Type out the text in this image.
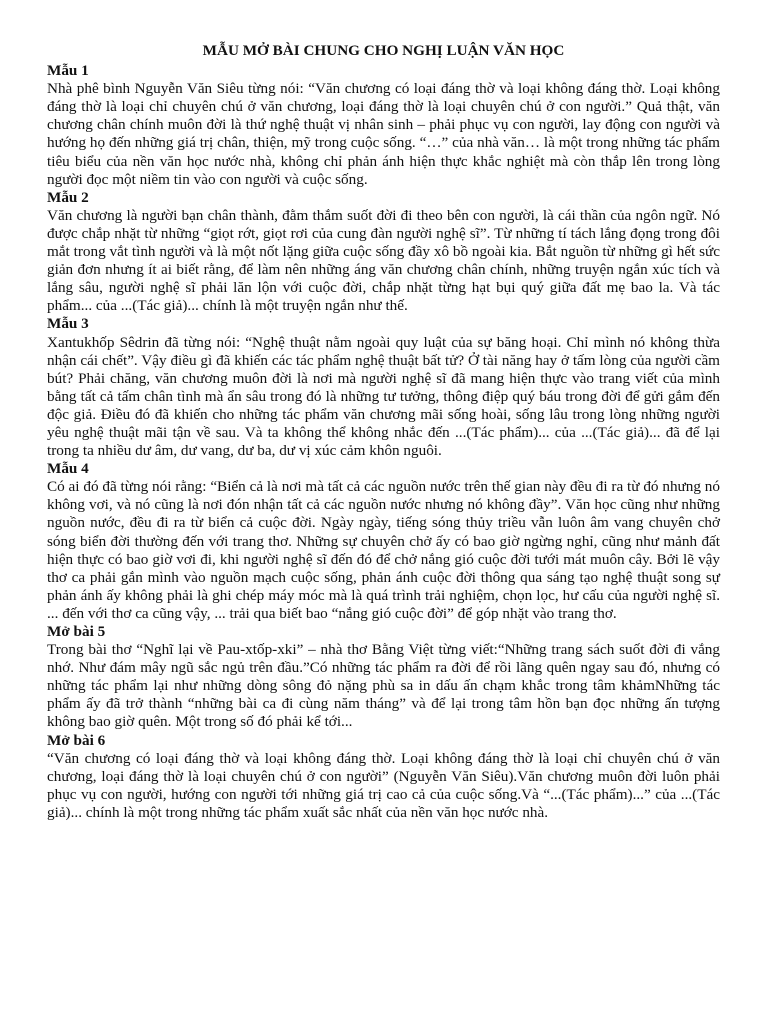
MẪU MỞ BÀI CHUNG CHO NGHỊ LUẬN VĂN HỌC
Mẫu 1

Nhà phê bình Nguyễn Văn Siêu từng nói: “Văn chương có loại đáng thờ và loại không đáng thờ. Loại không đáng thờ là loại chỉ chuyên chú ở văn chương, loại đáng thờ là loại chuyên chú ở con người.” Quả thật, văn chương chân chính muôn đời là thứ nghệ thuật vị nhân sinh – phải phục vụ con người, lay động con người và hướng họ đến những giá trị chân, thiện, mỹ trong cuộc sống. “…” của nhà văn… là một trong những tác phẩm tiêu biểu của nền văn học nước nhà, không chỉ phản ánh hiện thực khắc nghiệt mà còn thắp lên trong lòng người đọc một niềm tin vào con người và cuộc sống.

Mẫu 2

Văn chương là người bạn chân thành, đằm thắm suốt đời đi theo bên con người, là cái thần của ngôn ngữ. Nó được chắp nhặt từ những “giọt rớt, giọt rơi của cung đàn người nghệ sĩ”. Từ những tí tách lắng đọng trong đôi mắt trong vắt tình người và là một nốt lặng giữa cuộc sống đầy xô bồ ngoài kia. Bắt nguồn từ những gì hết sức giản đơn nhưng ít ai biết rằng, để làm nên những áng văn chương chân chính, những truyện ngắn xúc tích và lắng sâu, người nghệ sĩ phải lăn lộn với cuộc đời, chắp nhặt từng hạt bụi quý giữa đất mẹ bao la. Và tác phẩm... của ...(Tác giả)... chính là một truyện ngắn như thế.

Mẫu 3

Xantukhốp Sêdrin đã từng nói: “Nghệ thuật nằm ngoài quy luật của sự băng hoại. Chỉ mình nó không thừa nhận cái chết”. Vậy điều gì đã khiến các tác phẩm nghệ thuật bất tử? Ở tài năng hay ở tấm lòng của người cầm bút? Phải chăng, văn chương muôn đời là nơi mà người nghệ sĩ đã mang hiện thực vào trang viết của mình bằng tất cả tấm chân tình mà ẩn sâu trong đó là những tư tưởng, thông điệp quý báu trong đời để gửi gắm đến độc giả. Điều đó đã khiến cho những tác phẩm văn chương mãi sống hoài, sống lâu trong lòng những người yêu nghệ thuật mãi tận về sau. Và ta không thể không nhắc đến ...(Tác phẩm)... của ...(Tác giả)... đã để lại trong ta nhiều dư âm, dư vang, dư ba, dư vị xúc cảm khôn nguôi.

Mẫu 4

Có ai đó đã từng nói rằng: “Biển cả là nơi mà tất cả các nguồn nước trên thế gian này đều đi ra từ đó nhưng nó không vơi, và nó cũng là nơi đón nhận tất cả các nguồn nước nhưng nó không đầy”. Văn học cũng như những nguồn nước, đều đi ra từ biển cả cuộc đời. Ngày ngày, tiếng sóng thủy triều vẫn luôn âm vang chuyên chở sóng biển đời thường đến với trang thơ. Những sự chuyên chở ấy có bao giờ ngừng nghỉ, cũng như mảnh đất hiện thực có bao giờ vơi đi, khi người nghệ sĩ đến đó để chở nắng gió cuộc đời tưới mát muôn cây. Bởi lẽ vậy thơ ca phải gắn mình vào nguồn mạch cuộc sống, phản ánh cuộc đời thông qua sáng tạo nghệ thuật song sự phản ánh ấy không phải là ghi chép máy móc mà là quá trình trải nghiệm, chọn lọc, hư cấu của người nghệ sĩ. ... đến với thơ ca cũng vậy, ... trải qua biết bao “nắng gió cuộc đời” để góp nhặt vào trang thơ.

Mở bài 5

Trong bài thơ “Nghĩ lại về Pau-xtốp-xki” – nhà thơ Bằng Việt từng viết:“Những trang sách suốt đời đi vắng nhớ. Như đám mây ngũ sắc ngủ trên đầu.”Có những tác phẩm ra đời để rồi lãng quên ngay sau đó, nhưng có những tác phẩm lại như những dòng sông đỏ nặng phù sa in dấu ấn chạm khắc trong tâm khảmNhững tác phẩm ấy đã trở thành “những bài ca đi cùng năm tháng” và để lại trong tâm hồn bạn đọc những ấn tượng không bao giờ quên. Một trong số đó phải kể tới...

Mở bài 6

“Văn chương có loại đáng thờ và loại không đáng thờ. Loại không đáng thờ là loại chỉ chuyên chú ở văn chương, loại đáng thờ là loại chuyên chú ở con người” (Nguyễn Văn Siêu).Văn chương muôn đời luôn phải phục vụ con người, hướng con người tới những giá trị cao cả của cuộc sống.Và “...(Tác phẩm)...” của ...(Tác giả)... chính là một trong những tác phẩm xuất sắc nhất của nền văn học nước nhà.
